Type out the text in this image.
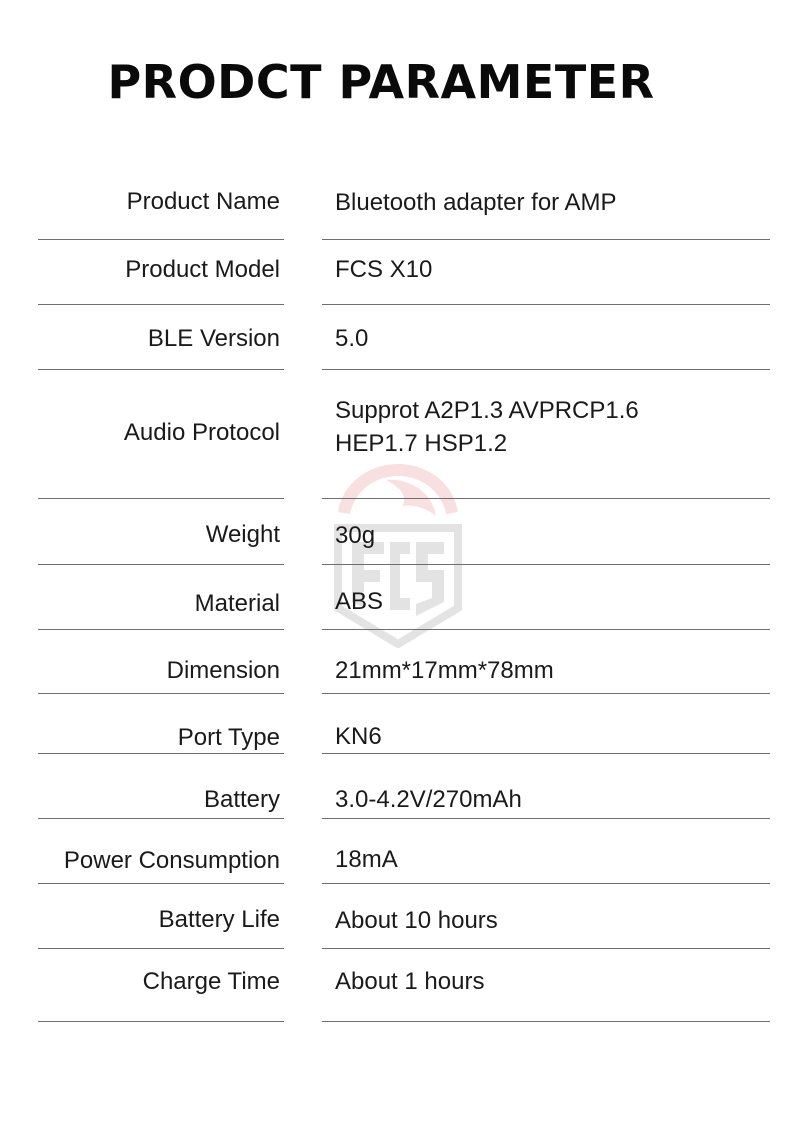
PRODCT PARAMETER
Product Name Bluetooth adapter for AMP
Product Model FCS X10
BLE Version 5.0
Audio Protocol
Supprot A2P1.3 AVPRCP1.6
HEP1.7 HSP1.2
Weight 30g
Material ABS
Dimension 21mm*17mm*78mm
Port Type KN6
Battery 3.0-4.2V/270mAh
Power Consumption 18mA
Battery Life About 10 hours
Charge Time About 1 hours
